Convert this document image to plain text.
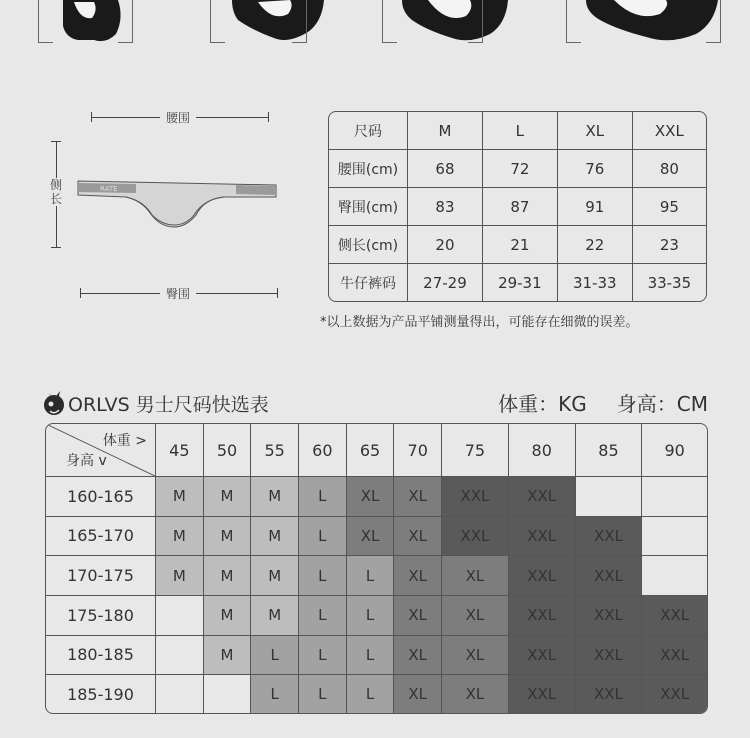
腰围
侧长
RATE
臀围
尺码	M	L	XL	XXL
腰围(cm)	68	72	76	80
臀围(cm)	83	87	91	95
侧长(cm)	20	21	22	23
牛仔裤码	27-29	29-31	31-33	33-35
*以上数据为产品平铺测量得出，可能存在细微的误差。
ORLVS 男士尺码快选表	体重：KG 身高：CM
体重 >
身高 v	45	50	55	60	65	70	75	80	85	90
160-165	M	M	M	L	XL	XL	XXL	XXL		
165-170	M	M	M	L	XL	XL	XXL	XXL	XXL	
170-175	M	M	M	L	L	XL	XL	XXL	XXL	
175-180		M	M	L	L	XL	XL	XXL	XXL	XXL
180-185		M	L	L	L	XL	XL	XXL	XXL	XXL
185-190			L	L	L	XL	XL	XXL	XXL	XXL
